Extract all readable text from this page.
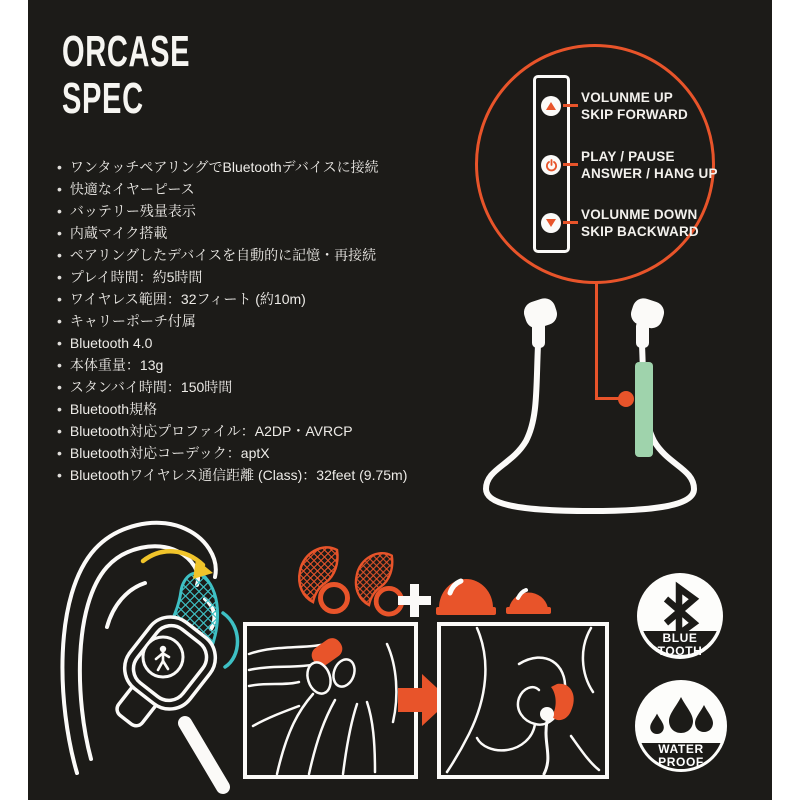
ORCASE
SPEC
• ワンタッチペアリングでBluetoothデバイスに接続
• 快適なイヤーピース
• バッテリー残量表示
• 内蔵マイク搭載
• ペアリングしたデバイスを自動的に記憶・再接続
• プレイ時間：約5時間
• ワイヤレス範囲：32フィート (約10m)
• キャリーポーチ付属
• Bluetooth 4.0
• 本体重量：13g
• スタンバイ時間：150時間
• Bluetooth規格
• Bluetooth対応プロファイル：A2DP・AVRCP
• Bluetooth対応コーデック：aptX
• Bluetoothワイヤレス通信距離 (Class)：32feet (9.75m)
VOLUNME UP
SKIP FORWARD
PLAY / PAUSE
ANSWER / HANG UP
VOLUNME DOWN
SKIP BACKWARD
BLUE
TOOTH
WATER
PROOF
